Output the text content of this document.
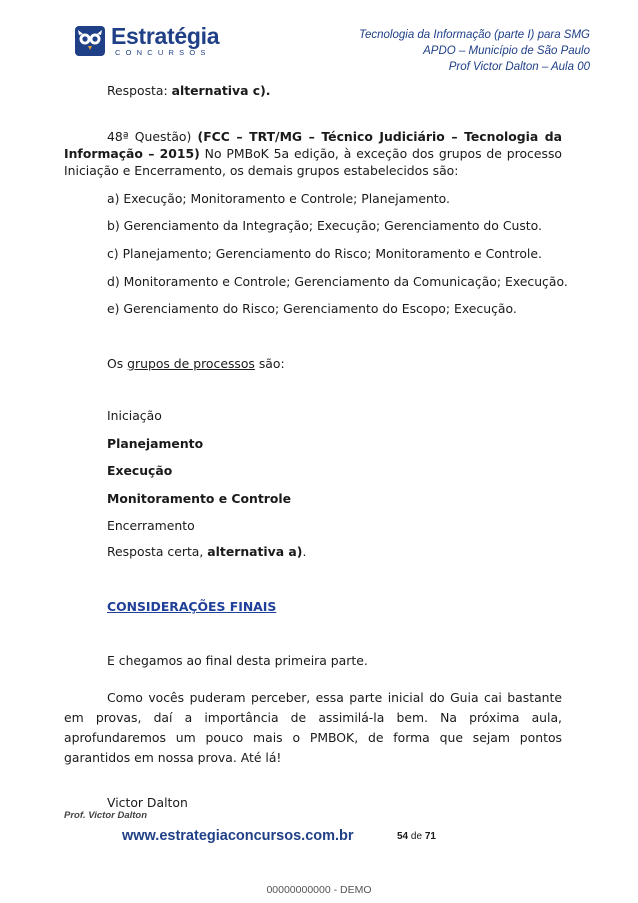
Estratégia
CONCURSOS
Tecnologia da Informação (parte I) para SMG
APDO – Município de São Paulo
Prof Victor Dalton – Aula 00
Resposta: alternativa c).
48ª Questão) (FCC – TRT/MG – Técnico Judiciário – Tecnologia da Informação – 2015) No PMBoK 5a edição, à exceção dos grupos de processo Iniciação e Encerramento, os demais grupos estabelecidos são:
a) Execução; Monitoramento e Controle; Planejamento.
b) Gerenciamento da Integração; Execução; Gerenciamento do Custo.
c) Planejamento; Gerenciamento do Risco; Monitoramento e Controle.
d) Monitoramento e Controle; Gerenciamento da Comunicação; Execução.
e) Gerenciamento do Risco; Gerenciamento do Escopo; Execução.
Os grupos de processos são:
Iniciação
Planejamento
Execução
Monitoramento e Controle
Encerramento
Resposta certa, alternativa a).
CONSIDERAÇÕES FINAIS
E chegamos ao final desta primeira parte.
Como vocês puderam perceber, essa parte inicial do Guia cai bastante em provas, daí a importância de assimilá-la bem. Na próxima aula, aprofundaremos um pouco mais o PMBOK, de forma que sejam pontos garantidos em nossa prova. Até lá!
Victor Dalton
Prof. Victor Dalton
www.estrategiaconcursos.com.br	54 de 71
00000000000 - DEMO
